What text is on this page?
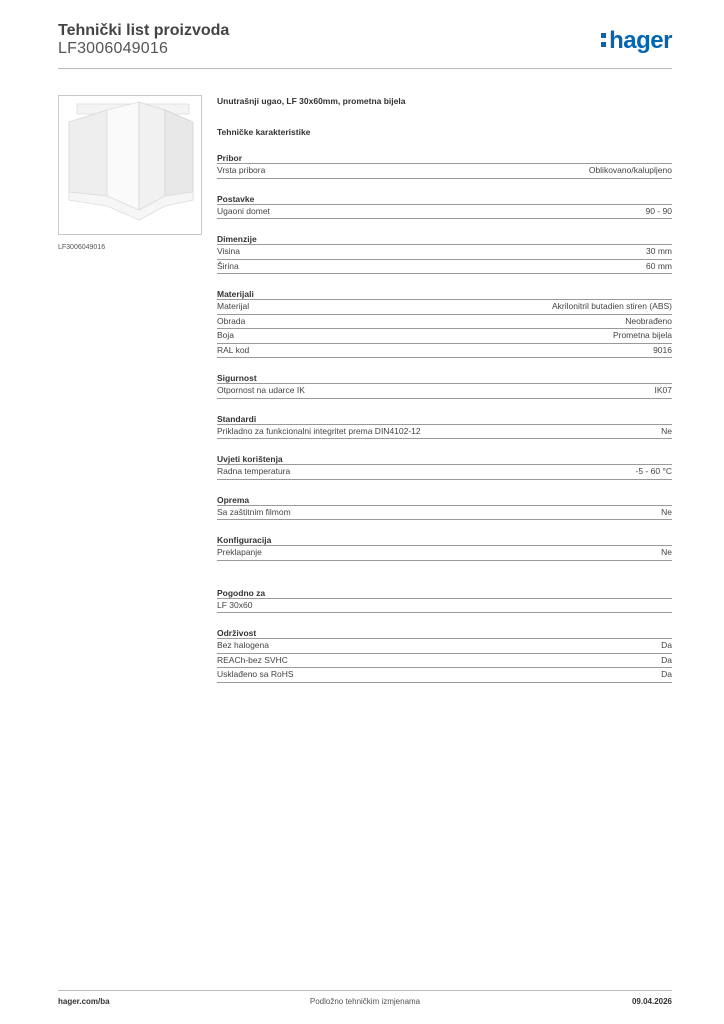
Tehnički list proizvoda
LF3006049016	hager
LF3006049016
Unutrašnji ugao, LF 30x60mm, prometna bijela
Tehničke karakteristike
Pribor
Vrsta pribora	Oblikovano/kalupljeno
Postavke
Ugaoni domet	90 - 90
Dimenzije
Visina	30 mm
Širina	60 mm
Materijali
Materijal	Akrilonitril butadien stiren (ABS)
Obrada	Neobrađeno
Boja	Prometna bijela
RAL kod	9016
Sigurnost
Otpornost na udarce IK	IK07
Standardi
Prikladno za funkcionalni integritet prema DIN4102-12	Ne
Uvjeti korištenja
Radna temperatura	-5 - 60 °C
Oprema
Sa zaštitnim filmom	Ne
Konfiguracija
Preklapanje	Ne
Pogodno za
LF 30x60
Održivost
Bez halogena	Da
REACh-bez SVHC	Da
Usklađeno sa RoHS	Da
hager.com/ba	Podložno tehničkim izmjenama	09.04.2026
